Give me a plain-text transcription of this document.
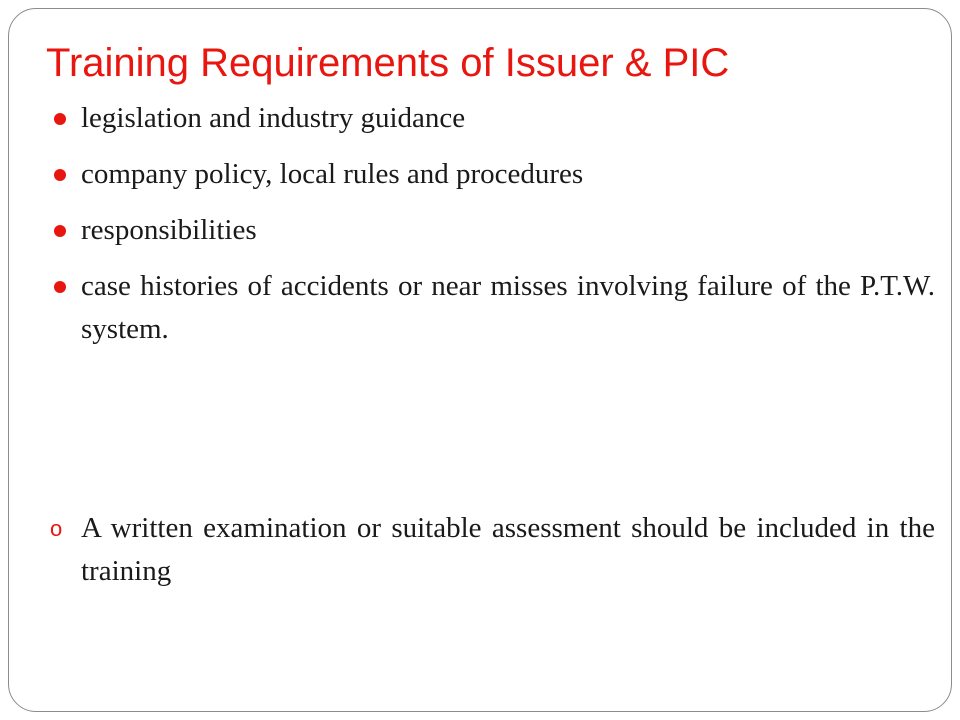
Training Requirements of Issuer & PIC
legislation and industry guidance
company policy, local rules and procedures
responsibilities
case histories of accidents or near misses involving failure of the P.T.W. system.
o A written examination or suitable assessment should be included in the training
